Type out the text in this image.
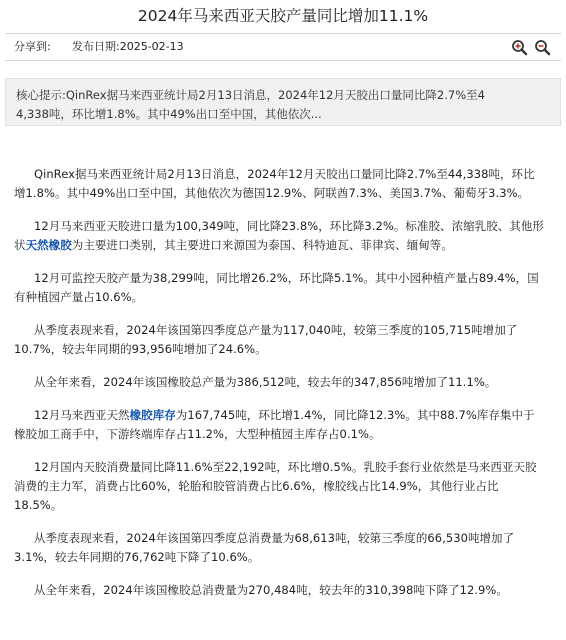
2024年马来西亚天胶产量同比增加11.1%
分享到: 发布日期:2025-02-13
核心提示:QinRex据马来西亚统计局2月13日消息，2024年12月天胶出口量同比降2.7%至4
4,338吨，环比增1.8%。其中49%出口至中国，其他依次...

QinRex据马来西亚统计局2月13日消息，2024年12月天胶出口量同比降2.7%至44,338吨，环比增1.8%。其中49%出口至中国，其他依次为德国12.9%、阿联酋7.3%、美国3.7%、葡萄牙3.3%。

12月马来西亚天胶进口量为100,349吨，同比降23.8%，环比降3.2%。标准胶、浓缩乳胶、其他形状天然橡胶为主要进口类别，其主要进口来源国为泰国、科特迪瓦、菲律宾、缅甸等。

12月可监控天胶产量为38,299吨，同比增26.2%，环比降5.1%。其中小园种植产量占89.4%，国有种植园产量占10.6%。

从季度表现来看，2024年该国第四季度总产量为117,040吨，较第三季度的105,715吨增加了10.7%，较去年同期的93,956吨增加了24.6%。

从全年来看，2024年该国橡胶总产量为386,512吨，较去年的347,856吨增加了11.1%。

12月马来西亚天然橡胶库存为167,745吨，环比增1.4%，同比降12.3%。其中88.7%库存集中于橡胶加工商手中，下游终端库存占11.2%，大型种植园主库存占0.1%。

12月国内天胶消费量同比降11.6%至22,192吨，环比增0.5%。乳胶手套行业依然是马来西亚天胶消费的主力军，消费占比60%，轮胎和胶管消费占比6.6%，橡胶线占比14.9%，其他行业占比18.5%。

从季度表现来看，2024年该国第四季度总消费量为68,613吨，较第三季度的66,530吨增加了3.1%，较去年同期的76,762吨下降了10.6%。

从全年来看，2024年该国橡胶总消费量为270,484吨，较去年的310,398吨下降了12.9%。
